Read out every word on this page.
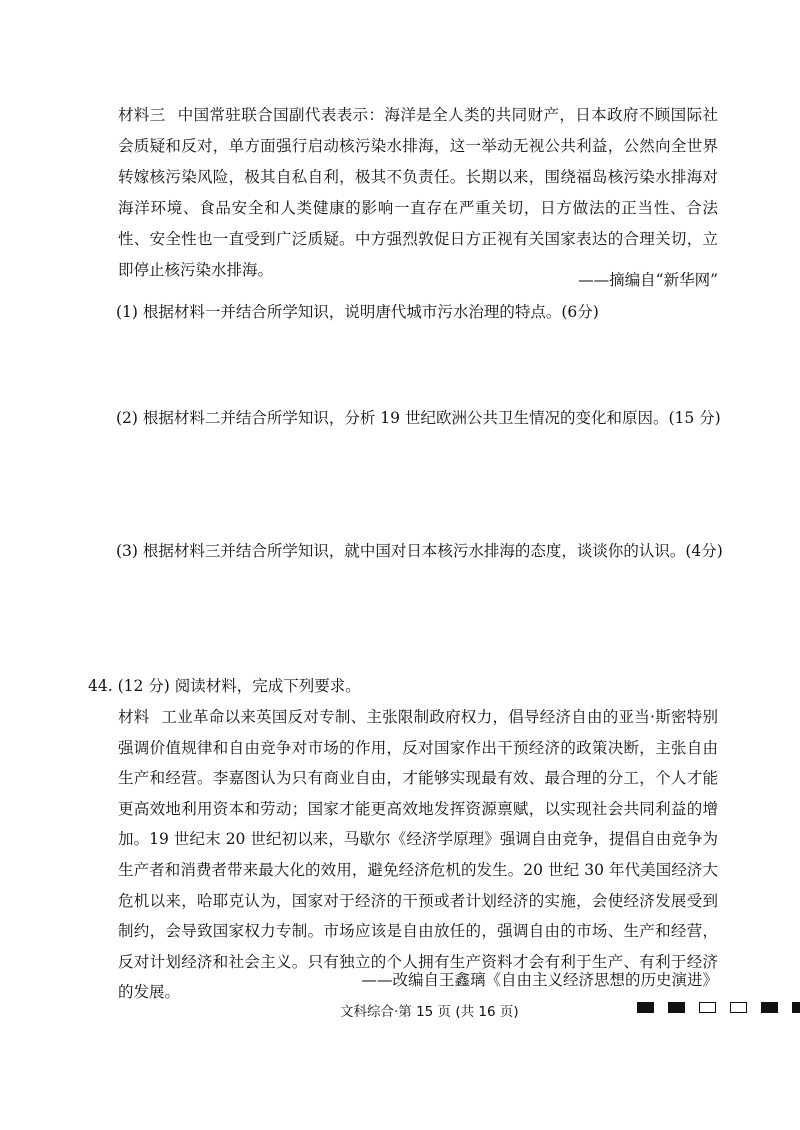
材料三 中国常驻联合国副代表表示：海洋是全人类的共同财产，日本政府不顾国际社会质疑和反对，单方面强行启动核污染水排海，这一举动无视公共利益，公然向全世界转嫁核污染风险，极其自私自利，极其不负责任。长期以来，围绕福岛核污染水排海对海洋环境、食品安全和人类健康的影响一直存在严重关切，日方做法的正当性、合法性、安全性也一直受到广泛质疑。中方强烈敦促日方正视有关国家表达的合理关切，立即停止核污染水排海。
——摘编自“新华网”
(1) 根据材料一并结合所学知识，说明唐代城市污水治理的特点。(6分)
(2) 根据材料二并结合所学知识，分析 19 世纪欧洲公共卫生情况的变化和原因。(15 分)
(3) 根据材料三并结合所学知识，就中国对日本核污水排海的态度，谈谈你的认识。(4分)
44. (12 分) 阅读材料，完成下列要求。
材料 工业革命以来英国反对专制、主张限制政府权力，倡导经济自由的亚当·斯密特别强调价值规律和自由竞争对市场的作用，反对国家作出干预经济的政策决断，主张自由生产和经营。李嘉图认为只有商业自由，才能够实现最有效、最合理的分工，个人才能更高效地利用资本和劳动；国家才能更高效地发挥资源禀赋，以实现社会共同利益的增加。19 世纪末 20 世纪初以来，马歇尔《经济学原理》强调自由竞争，提倡自由竞争为生产者和消费者带来最大化的效用，避免经济危机的发生。20 世纪 30 年代美国经济大危机以来，哈耶克认为，国家对于经济的干预或者计划经济的实施，会使经济发展受到制约，会导致国家权力专制。市场应该是自由放任的，强调自由的市场、生产和经营，反对计划经济和社会主义。只有独立的个人拥有生产资料才会有利于生产、有利于经济的发展。
——改编自王鑫璃《自由主义经济思想的历史演进》
文科综合·第 15 页 (共 16 页)
